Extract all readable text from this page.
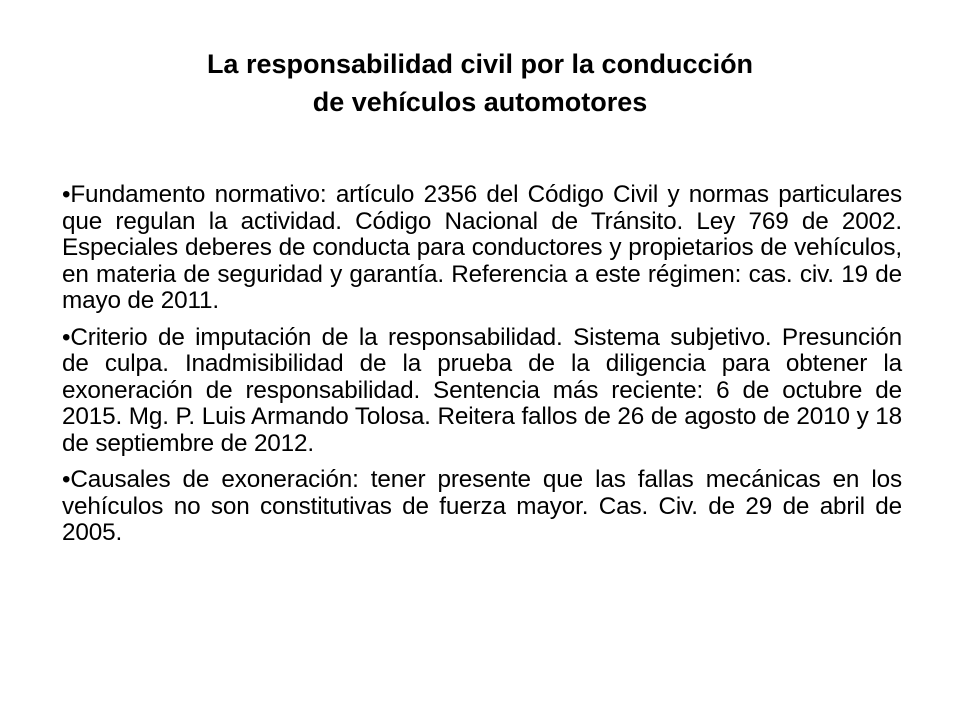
La responsabilidad civil por la conducción
de vehículos automotores

• Fundamento normativo: artículo 2356 del Código Civil y normas particulares que regulan la actividad. Código Nacional de Tránsito. Ley 769 de 2002. Especiales deberes de conducta para conductores y propietarios de vehículos, en materia de seguridad y garantía. Referencia a este régimen: cas. civ. 19 de mayo de 2011.

• Criterio de imputación de la responsabilidad. Sistema subjetivo. Presunción de culpa. Inadmisibilidad de la prueba de la diligencia para obtener la exoneración de responsabilidad. Sentencia más reciente: 6 de octubre de 2015. Mg. P. Luis Armando Tolosa. Reitera fallos de 26 de agosto de 2010 y 18 de septiembre de 2012.

• Causales de exoneración: tener presente que las fallas mecánicas en los vehículos no son constitutivas de fuerza mayor. Cas. Civ. de 29 de abril de 2005.
